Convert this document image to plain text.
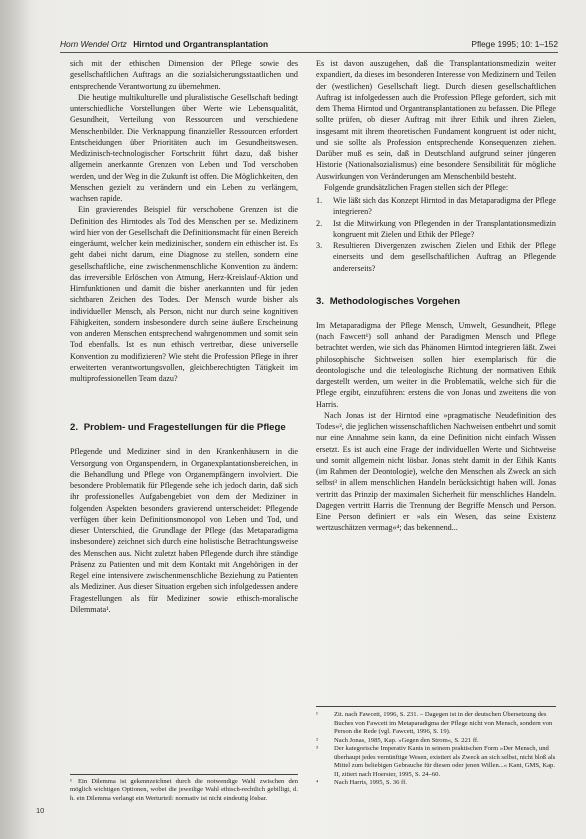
Horn Wendel Ortz Hirntod und Organtransplantation	Pflege 1995; 10: 1–152

sich mit der ethischen Dimension der Pflege sowie des gesellschaftlichen Auftrags an die sozialsicherungsstaatlichen und entsprechende Verantwortung zu übernehmen.

Die heutige multikulturelle und pluralistische Gesellschaft bedingt unterschiedliche Vorstellungen über Werte wie Lebensqualität, Gesundheit, Verteilung von Ressourcen und verschiedene Menschenbilder. Die Verknappung finanzieller Ressourcen erfordert Entscheidungen über Prioritäten auch im Gesundheitswesen. Medizinisch-technologischer Fortschritt führt dazu, daß bisher allgemein anerkannte Grenzen von Leben und Tod verschoben werden, und der Weg in die Zukunft ist offen. Die Möglichkeiten, den Menschen gezielt zu verändern und ein Leben zu verlängern, wachsen rapide.

Ein gravierendes Beispiel für verschobene Grenzen ist die Definition des Hirntodes als Tod des Menschen per se. Medizinern wird hier von der Gesellschaft die Definitionsmacht für einen Bereich eingeräumt, welcher kein medizinischer, sondern ein ethischer ist. Es geht dabei nicht darum, eine Diagnose zu stellen, sondern eine gesellschaftliche, eine zwischenmenschliche Konvention zu ändern: das irreversible Erlöschen von Atmung, Herz-Kreislauf-Aktion und Hirnfunktionen und damit die bisher anerkannten und für jeden sichtbaren Zeichen des Todes. Der Mensch wurde bisher als individueller Mensch, als Person, nicht nur durch seine kognitiven Fähigkeiten, sondern insbesondere durch seine äußere Erscheinung von anderen Menschen entsprechend wahrgenommen und somit sein Tod ebenfalls. Ist es nun ethisch vertretbar, diese universelle Konvention zu modifizieren? Wie steht die Profession Pflege in ihrer erweiterten verantwortungsvollen, gleichberechtigten Tätigkeit im multiprofessionellen Team dazu?

2. Problem- und Fragestellungen für die Pflege

Pflegende und Mediziner sind in den Krankenhäusern in die Versorgung von Organspendern, in Organexplantationsbereichen, in die Behandlung und Pflege von Organempfängern involviert. Die besondere Problematik für Pflegende sehe ich jedoch darin, daß sich ihr professionelles Aufgabengebiet von dem der Mediziner in folgenden Aspekten besonders gravierend unterscheidet: Pflegende verfügen über kein Definitionsmonopol von Leben und Tod, und dieser Unterschied, die Grundlage der Pflege (das Metaparadigma insbesondere) zeichnet sich durch eine holistische Betrachtungsweise des Menschen aus. Nicht zuletzt haben Pflegende durch ihre ständige Präsenz zu Patienten und mit dem Kontakt mit Angehörigen in der Regel eine intensivere zwischenmenschliche Beziehung zu Patienten als Mediziner. Aus dieser Situation ergeben sich infolgedessen andere Fragestellungen als für Mediziner sowie ethisch-moralische Dilemmata¹.

¹ Ein Dilemma ist gekennzeichnet durch die notwendige Wahl zwischen den möglich wichtigen Optionen, wobei die jeweilige Wahl ethisch-rechtlich gebilligt, d. h. ein Dilemma verlangt ein Werturteil: normativ ist nicht eindeutig lösbar.

Es ist davon auszugehen, daß die Transplantationsmedizin weiter expandiert, da dieses im besonderen Interesse von Medizinern und Teilen der (westlichen) Gesellschaft liegt. Durch diesen gesellschaftlichen Auftrag ist infolgedessen auch die Profession Pflege gefordert, sich mit dem Thema Hirntod und Organtransplantationen zu befassen. Die Pflege sollte prüfen, ob dieser Auftrag mit ihrer Ethik und ihren Zielen, insgesamt mit ihrem theoretischen Fundament kongruent ist oder nicht, und sie sollte als Profession entsprechende Konsequenzen ziehen. Darüber muß es sein, daß in Deutschland aufgrund seiner jüngeren Historie (Nationalsozialismus) eine besondere Sensibilität für mögliche Auswirkungen von Veränderungen am Menschenbild besteht.

Folgende grundsätzlichen Fragen stellen sich der Pflege:

1. Wie läßt sich das Konzept Hirntod in das Metaparadigma der Pflege integrieren?
2. Ist die Mitwirkung von Pflegenden in der Transplantationsmedizin kongruent mit Zielen und Ethik der Pflege?
3. Resultieren Divergenzen zwischen Zielen und Ethik der Pflege einerseits und dem gesellschaftlichen Auftrag an Pflegende andererseits?
3. Methodologisches Vorgehen

Im Metaparadigma der Pflege Mensch, Umwelt, Gesundheit, Pflege (nach Fawcett¹) soll anhand der Paradigmen Mensch und Pflege betrachtet werden, wie sich das Phänomen Hirntod integrieren läßt. Zwei philosophische Sichtweisen sollen hier exemplarisch für die deontologische und die teleologische Richtung der normativen Ethik dargestellt werden, um weiter in die Problematik, welche sich für die Pflege ergibt, einzuführen: erstens die von Jonas und zweitens die von Harris.

Nach Jonas ist der Hirntod eine »pragmatische Neudefinition des Todes«², die jeglichen wissenschaftlichen Nachweisen entbehrt und somit nur eine Annahme sein kann, da eine Definition nicht einfach Wissen ersetzt. Es ist auch eine Frage der individuellen Werte und Sichtweise und somit allgemein nicht lösbar. Jonas steht damit in der Ethik Kants (im Rahmen der Deontologie), welche den Menschen als Zweck an sich selbst³ in allem menschlichen Handeln berücksichtigt haben will. Jonas vertritt das Prinzip der maximalen Sicherheit für menschliches Handeln. Dagegen vertritt Harris die Trennung der Begriffe Mensch und Person. Eine Person definiert er »als ein Wesen, das seine Existenz wertzuschätzen vermag«⁴; das bekennend...

¹	Zit. nach Fawcett, 1996, S. 231. – Dagegen ist in der deutschen Übersetzung des Buches von Fawcett im Metaparadigma der Pflege nicht von Mensch, sondern von Person die Rede (vgl. Fawcett, 1996, S. 19).
²	Nach Jonas, 1985, Kap. »Gegen den Strom«, S. 221 ff.
³	Der kategorische Imperativ Kants in seinem praktischen Form »Der Mensch, und überhaupt jedes vernünftige Wesen, existiert als Zweck an sich selbst, nicht bloß als Mittel zum beliebigen Gebrauche für diesen oder jenen Willen...« Kant, GMS, Kap. II, zitiert nach Hoerster, 1995, S. 24–60.
⁴	Nach Harris, 1995, S. 36 ff.
10
